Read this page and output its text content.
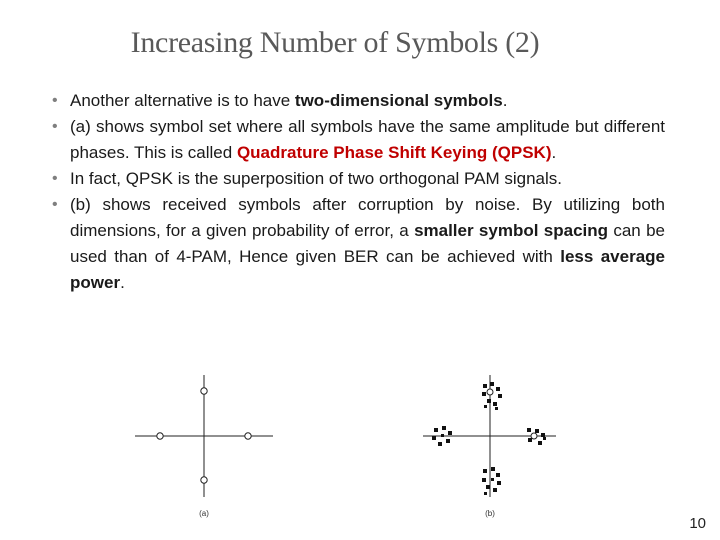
Increasing Number of Symbols (2)
• Another alternative is to have two-dimensional symbols.
• (a) shows symbol set where all symbols have the same amplitude but different phases. This is called Quadrature Phase Shift Keying (QPSK).
• In fact, QPSK is the superposition of two orthogonal PAM signals.
• (b) shows received symbols after corruption by noise. By utilizing both dimensions, for a given probability of error, a smaller symbol spacing can be used than of 4-PAM, Hence given BER can be achieved with less average power.
(a)	(b)
10
